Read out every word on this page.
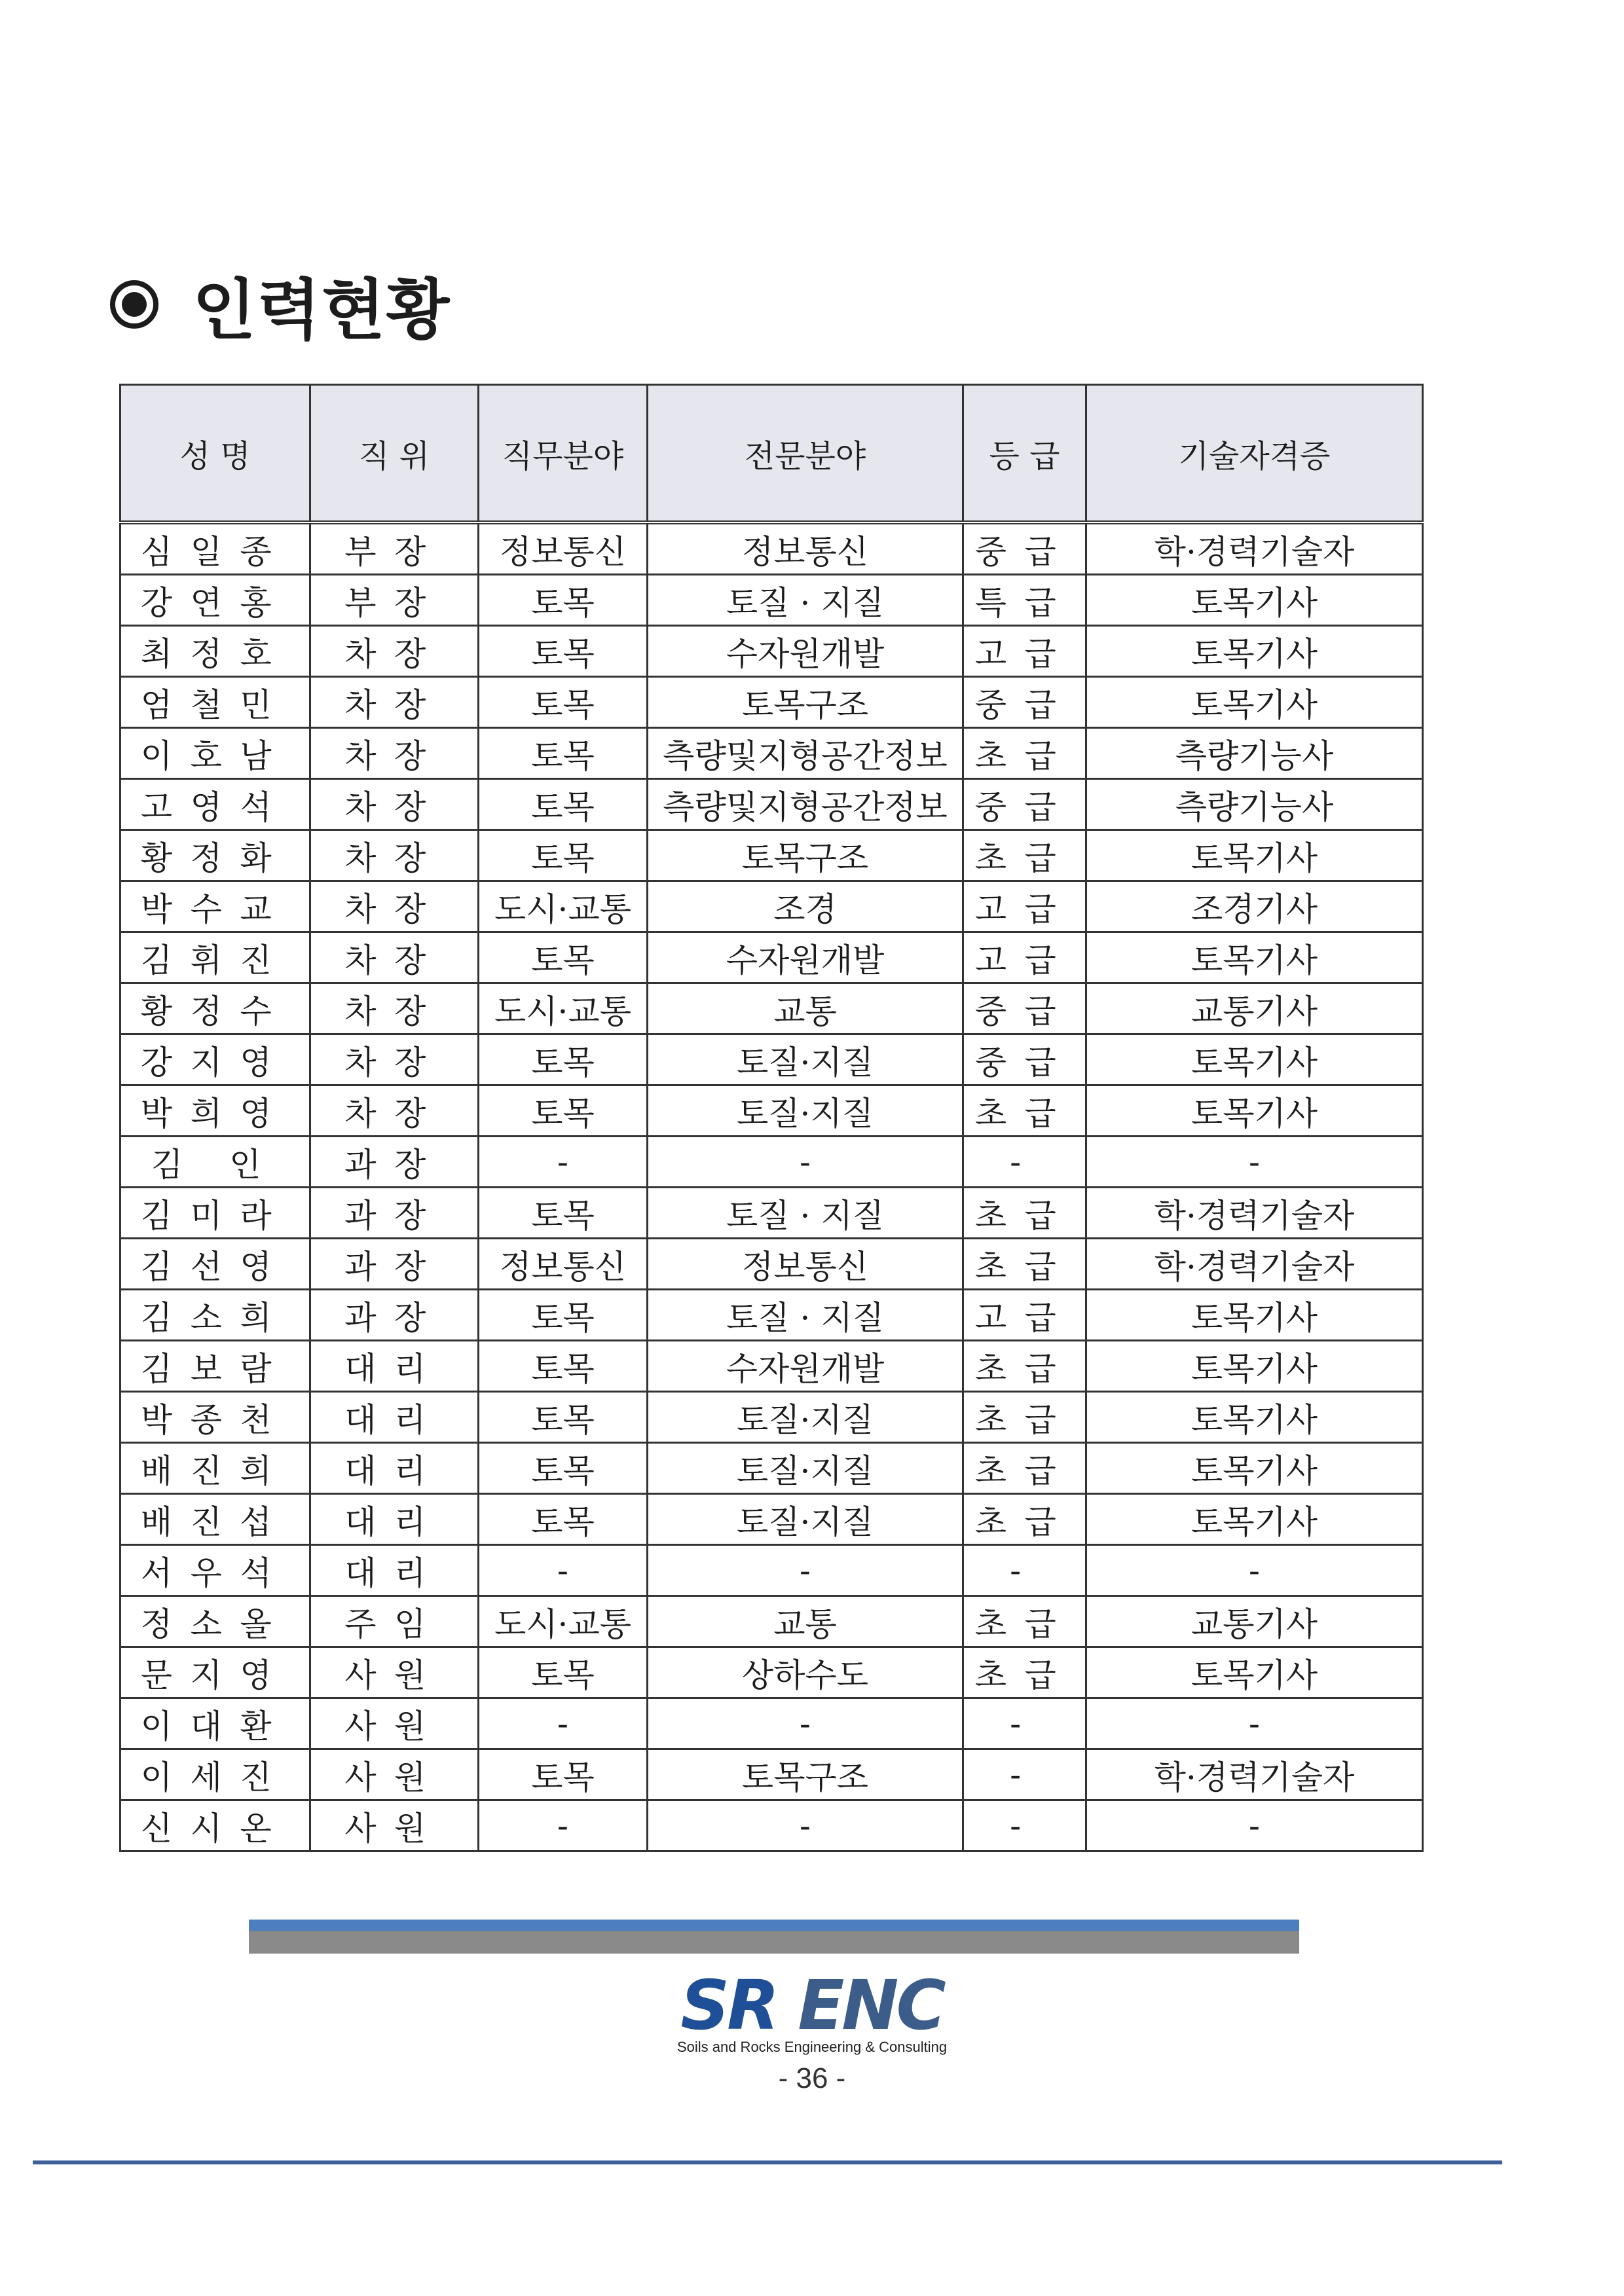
인력현황
성 명	직 위	직무분야	전문분야	등 급	기술자격증
심일종	부장	정보통신	정보통신	중급	학·경력기술자
강연홍	부장	토목	토질 · 지질	특급	토목기사
최정호	차장	토목	수자원개발	고급	토목기사
엄철민	차장	토목	토목구조	중급	토목기사
이호남	차장	토목	측량및지형공간정보	초급	측량기능사
고영석	차장	토목	측량및지형공간정보	중급	측량기능사
황정화	차장	토목	토목구조	초급	토목기사
박수교	차장	도시·교통	조경	고급	조경기사
김휘진	차장	토목	수자원개발	고급	토목기사
황정수	차장	도시·교통	교통	중급	교통기사
강지영	차장	토목	토질·지질	중급	토목기사
박희영	차장	토목	토질·지질	초급	토목기사
김 인	과장	-	-	-	-
김미라	과장	토목	토질 · 지질	초급	학·경력기술자
김선영	과장	정보통신	정보통신	초급	학·경력기술자
김소희	과장	토목	토질 · 지질	고급	토목기사
김보람	대리	토목	수자원개발	초급	토목기사
박종천	대리	토목	토질·지질	초급	토목기사
배진희	대리	토목	토질·지질	초급	토목기사
배진섭	대리	토목	토질·지질	초급	토목기사
서우석	대리	-	-	-	-
정소올	주임	도시·교통	교통	초급	교통기사
문지영	사원	토목	상하수도	초급	토목기사
이대환	사원	-	-	-	-
이세진	사원	토목	토목구조	-	학·경력기술자
신시온	사원	-	-	-	-
SR ENC
Soils and Rocks Engineering & Consulting
- 36 -
